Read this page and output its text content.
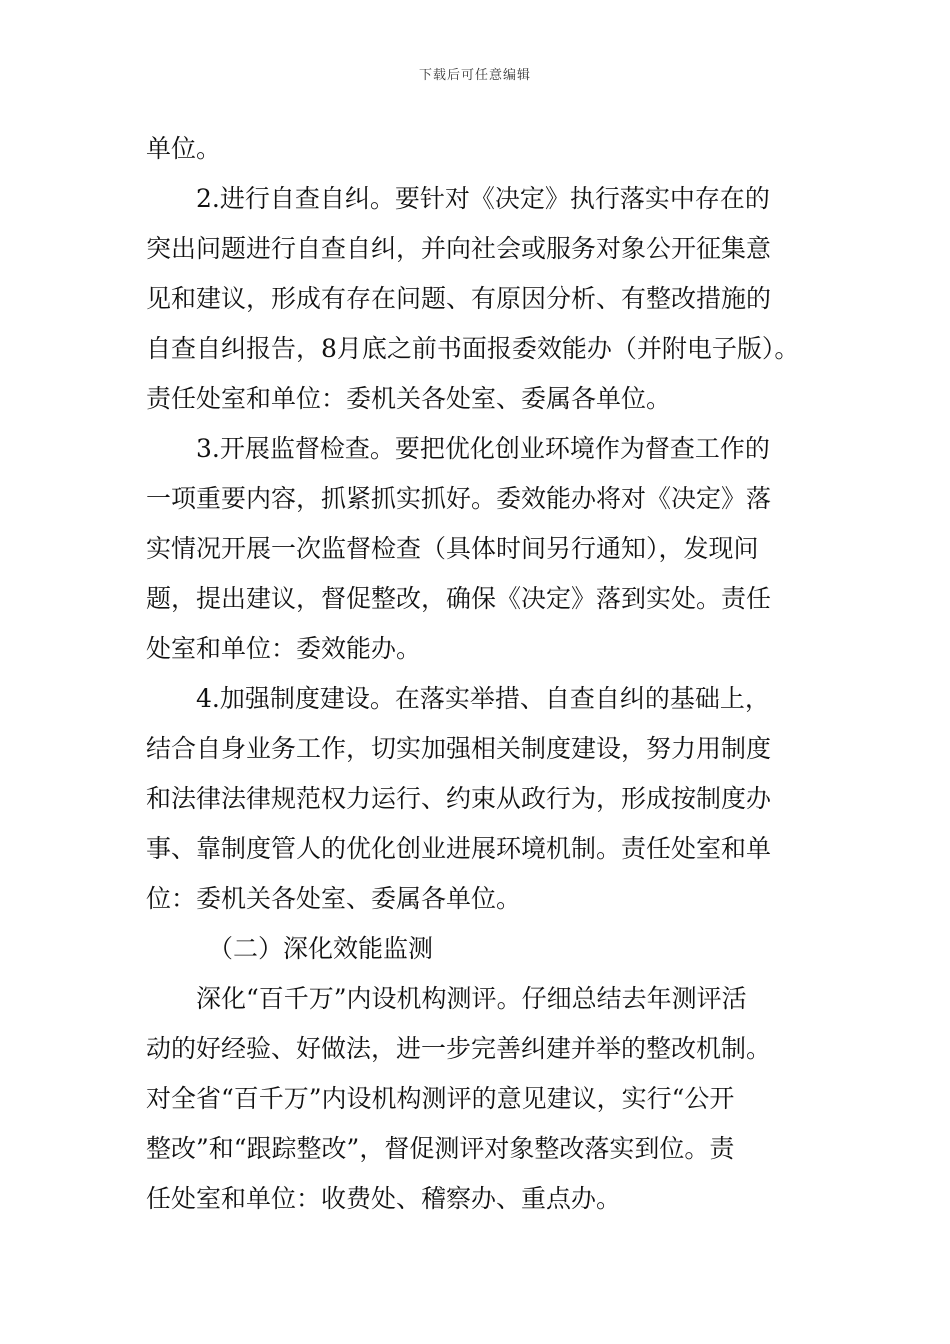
下载后可任意编辑
单位。
2.进行自查自纠。要针对《决定》执行落实中存在的
突出问题进行自查自纠，并向社会或服务对象公开征集意
见和建议，形成有存在问题、有原因分析、有整改措施的
自查自纠报告，8月底之前书面报委效能办（并附电子版）。
责任处室和单位：委机关各处室、委属各单位。
3.开展监督检查。要把优化创业环境作为督查工作的
一项重要内容，抓紧抓实抓好。委效能办将对《决定》落
实情况开展一次监督检查（具体时间另行通知），发现问
题，提出建议，督促整改，确保《决定》落到实处。责任
处室和单位：委效能办。
4.加强制度建设。在落实举措、自查自纠的基础上，
结合自身业务工作，切实加强相关制度建设，努力用制度
和法律法律规范权力运行、约束从政行为，形成按制度办
事、靠制度管人的优化创业进展环境机制。责任处室和单
位：委机关各处室、委属各单位。
（二）深化效能监测
深化“百千万”内设机构测评。仔细总结去年测评活
动的好经验、好做法，进一步完善纠建并举的整改机制。
对全省“百千万”内设机构测评的意见建议，实行“公开
整改”和“跟踪整改”，督促测评对象整改落实到位。责
任处室和单位：收费处、稽察办、重点办。
